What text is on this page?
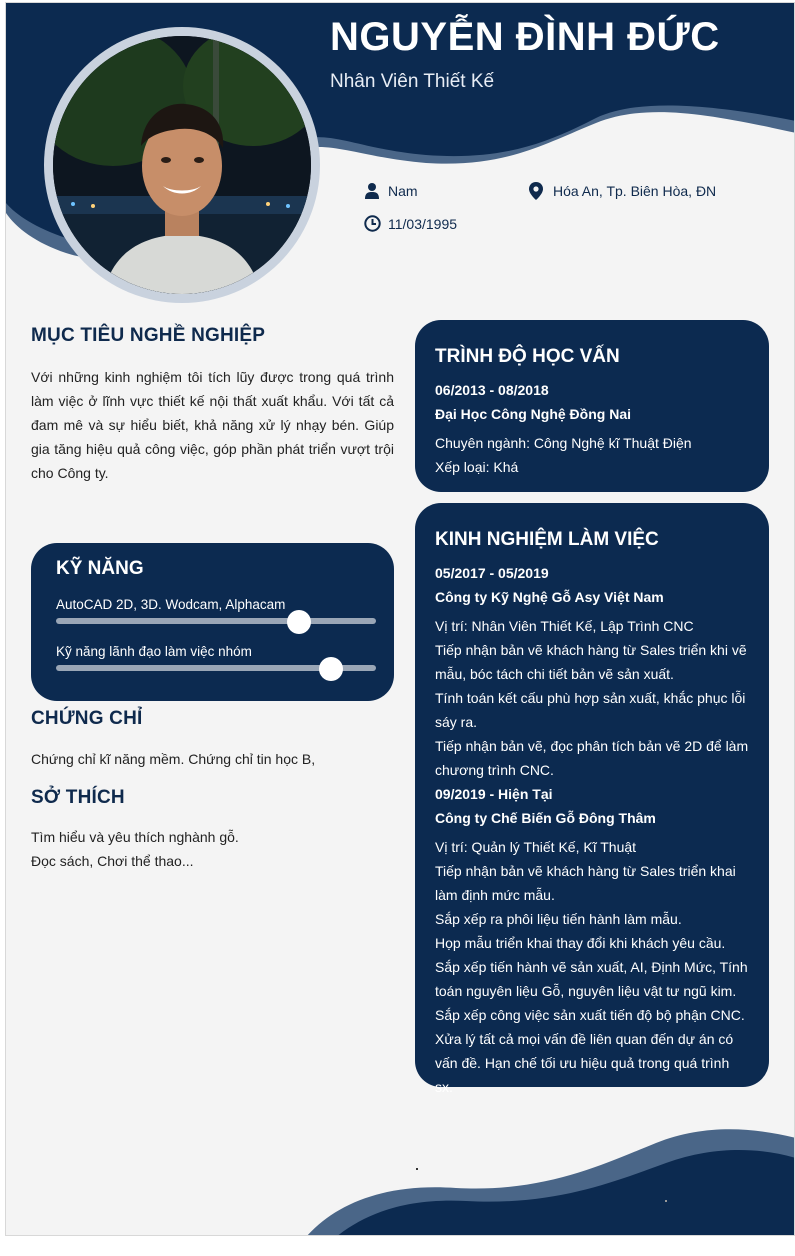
NGUYỄN ĐÌNH ĐỨC
Nhân Viên Thiết Kế
Nam	Hóa An, Tp. Biên Hòa, ĐN
11/03/1995
MỤC TIÊU NGHỀ NGHIỆP
Với những kinh nghiệm tôi tích lũy được trong quá trình làm việc ở lĩnh vực thiết kế nội thất xuất khẩu. Với tất cả đam mê và sự hiểu biết, khả năng xử lý nhạy bén. Giúp gia tăng hiệu quả công việc, góp phần phát triển vượt trội cho Công ty.
KỸ NĂNG
AutoCAD 2D, 3D. Wodcam, Alphacam
Kỹ năng lãnh đạo làm việc nhóm
CHỨNG CHỈ
Chứng chỉ kĩ năng mềm. Chứng chỉ tin học B,
SỞ THÍCH
Tìm hiểu và yêu thích nghành gỗ.
Đọc sách, Chơi thể thao...
TRÌNH ĐỘ HỌC VẤN
06/2013 - 08/2018
Đại Học Công Nghệ Đồng Nai
Chuyên ngành: Công Nghệ kĩ Thuật Điện
Xếp loại: Khá
KINH NGHIỆM LÀM VIỆC
05/2017 - 05/2019
Công ty Kỹ Nghệ Gỗ Asy Việt Nam
Vị trí: Nhân Viên Thiết Kế, Lập Trình CNC
Tiếp nhận bản vẽ khách hàng từ Sales triển khi vẽ mẫu, bóc tách chi tiết bản vẽ sản xuất.
Tính toán kết cấu phù hợp sản xuất, khắc phục lỗi sáy ra.
Tiếp nhận bản vẽ, đọc phân tích bản vẽ 2D để làm chương trình CNC.
09/2019 - Hiện Tại
Công ty Chế Biến Gỗ Đông Thâm
Vị trí: Quản lý Thiết Kế, Kĩ Thuật
Tiếp nhận bản vẽ khách hàng từ Sales triển khai làm định mức mẫu.
Sắp xếp ra phôi liệu tiến hành làm mẫu.
Họp mẫu triển khai thay đổi khi khách yêu cầu.
Sắp xếp tiến hành vẽ sản xuất, AI, Định Mức, Tính toán nguyên liệu Gỗ, nguyên liệu vật tư ngũ kim.
Sắp xếp công việc sản xuất tiến độ bộ phận CNC.
Xửa lý tất cả mọi vấn đề liên quan đến dự án có vấn đề. Hạn chế tối ưu hiệu quả trong quá trình sx.
